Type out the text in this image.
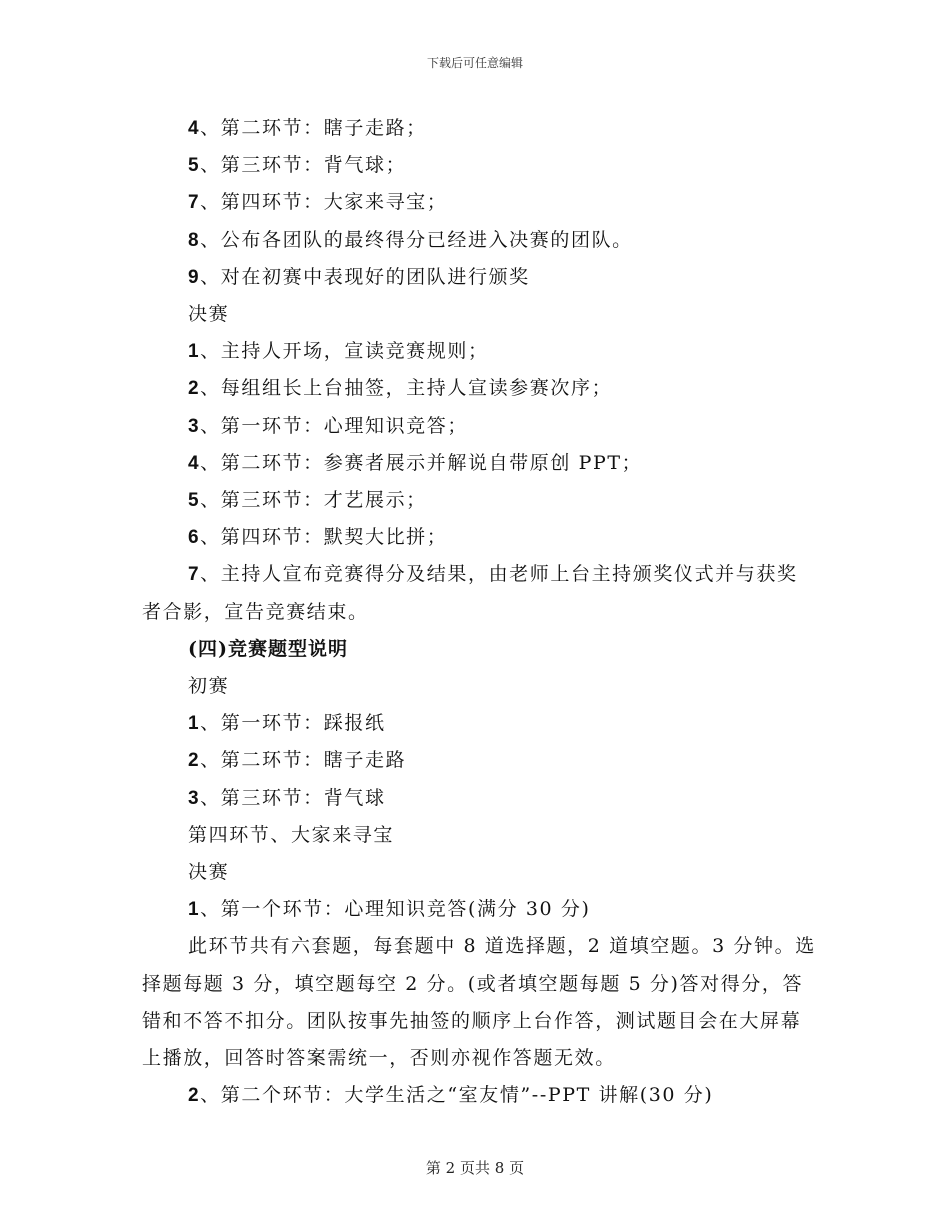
下载后可任意编辑

4、第二环节：瞎子走路；

5、第三环节：背气球；

7、第四环节：大家来寻宝；

8、公布各团队的最终得分已经进入决赛的团队。

9、对在初赛中表现好的团队进行颁奖

决赛

1、主持人开场，宣读竞赛规则；

2、每组组长上台抽签，主持人宣读参赛次序；

3、第一环节：心理知识竞答；

4、第二环节：参赛者展示并解说自带原创 PPT；

5、第三环节：才艺展示；

6、第四环节：默契大比拼；

7、主持人宣布竞赛得分及结果，由老师上台主持颁奖仪式并与获奖者合影，宣告竞赛结束。

(四)竞赛题型说明

初赛

1、第一环节：踩报纸

2、第二环节：瞎子走路

3、第三环节：背气球

第四环节、大家来寻宝

决赛

1、第一个环节：心理知识竞答(满分 30 分)

此环节共有六套题，每套题中 8 道选择题，2 道填空题。3 分钟。选择题每题 3 分，填空题每空 2 分。(或者填空题每题 5 分)答对得分，答错和不答不扣分。团队按事先抽签的顺序上台作答，测试题目会在大屏幕上播放，回答时答案需统一，否则亦视作答题无效。

2、第二个环节：大学生活之“室友情”--PPT 讲解(30 分)

第 2 页共 8 页
